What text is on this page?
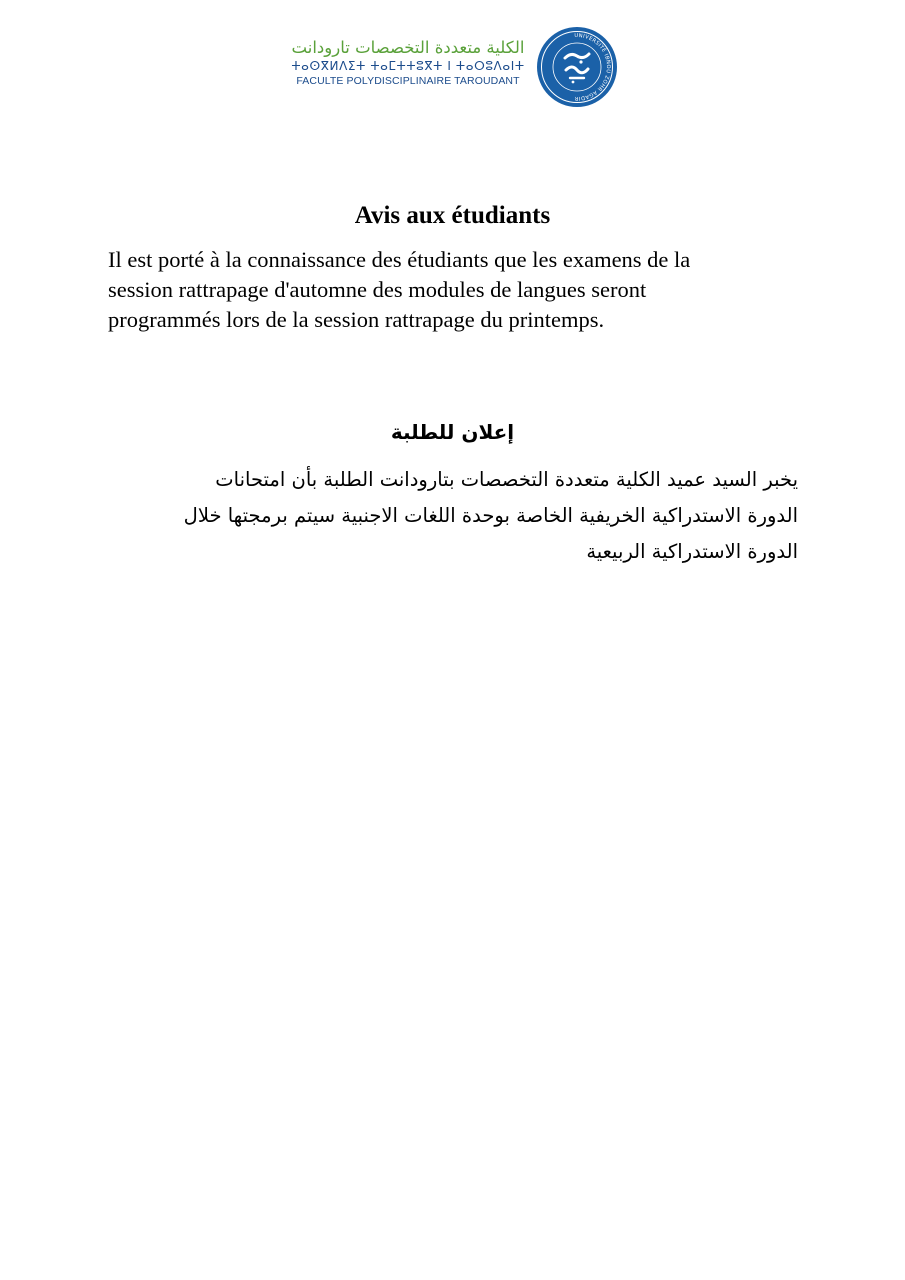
الكلية متعددة التخصصات تارودانت
ⵜⴰⵙⴳⵍⴷⵉⵜ ⵜⴰⵎⵜⵜⵓⴳⵜ ⵏ ⵜⴰⵔⵓⴷⴰⵏⵜ
FACULTE POLYDISCIPLINAIRE TAROUDANT
UNIVERSITÉ IBNOU ZOHR AGADIR
Avis aux étudiants

Il est porté à la connaissance des étudiants que les examens de la
session rattrapage d'automne des modules de langues seront
programmés lors de la session rattrapage du printemps.

إعلان للطلبة

يخبر السيد عميد الكلية متعددة التخصصات بتارودانت الطلبة بأن امتحانات
الدورة الاستدراكية الخريفية الخاصة بوحدة اللغات الاجنبية سيتم برمجتها خلال
الدورة الاستدراكية الربيعية
